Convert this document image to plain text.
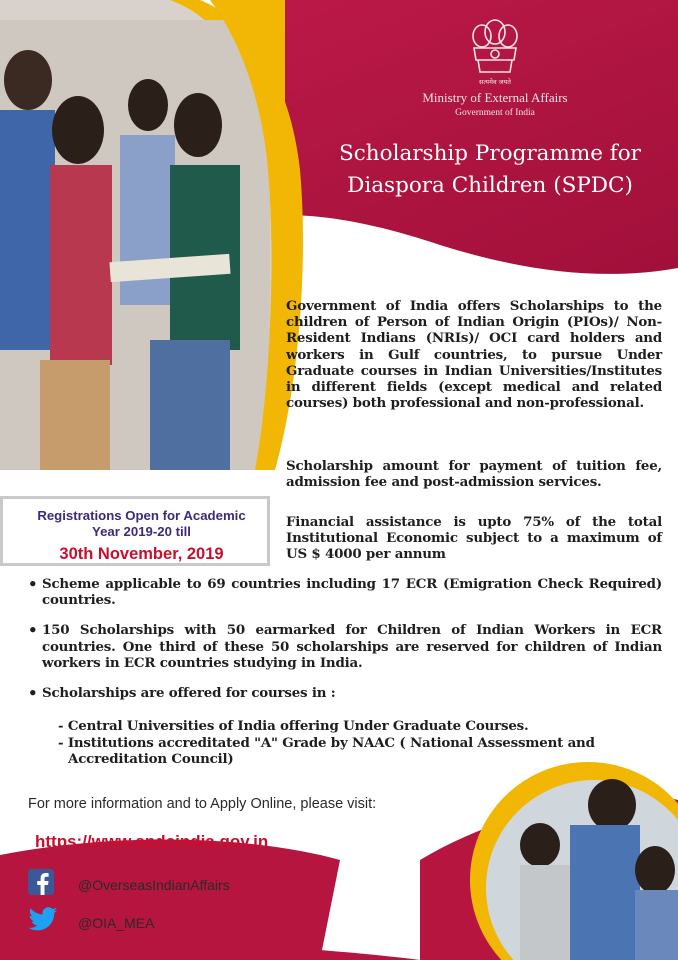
सत्यमेव जयते
Ministry of External Affairs
Government of India
Scholarship Programme for
Diaspora Children (SPDC)
Government of India offers Scholarships to the children of Person of Indian Origin (PIOs)/ Non-Resident Indians (NRIs)/ OCI card holders and workers in Gulf countries, to pursue Under Graduate courses in Indian Universities/Institutes in different fields (except medical and related courses) both professional and non-professional.
Scholarship amount for payment of tuition fee, admission fee and post-admission services.
Financial assistance is upto 75% of the total Institutional Economic subject to a maximum of US $ 4000 per annum
Registrations Open for Academic Year 2019-20 till
30th November, 2019
• Scheme applicable to 69 countries including 17 ECR (Emigration Check Required) countries.
• 150 Scholarships with 50 earmarked for Children of Indian Workers in ECR countries. One third of these 50 scholarships are reserved for children of Indian workers in ECR countries studying in India.
• Scholarships are offered for courses in :
- Central Universities of India offering Under Graduate Courses.
- Institutions accreditated "A" Grade by NAAC ( National Assessment and
Accreditation Council)
For more information and to Apply Online, please visit:
https://www.spdcindia.gov.in
@OverseasIndianAffairs
@OIA_MEA
